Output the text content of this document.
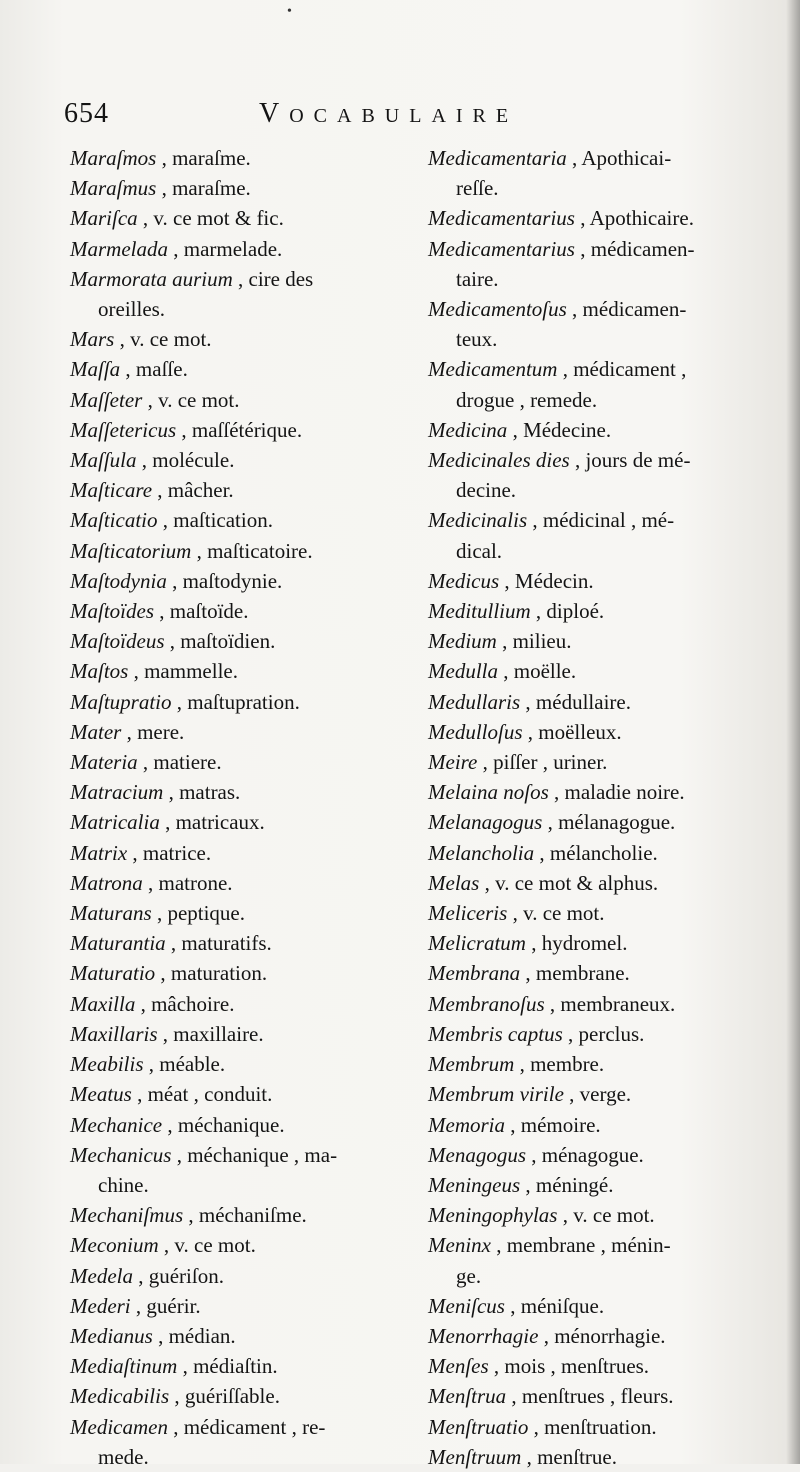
•
654	Vocabulaire
Maraſmos , maraſme.
Maraſmus , maraſme.
Mariſca , v. ce mot & fic.
Marmelada , marmelade.
Marmorata aurium , cire des
oreilles.
Mars , v. ce mot.
Maſſa , maſſe.
Maſſeter , v. ce mot.
Maſſetericus , maſſétérique.
Maſſula , molécule.
Maſticare , mâcher.
Maſticatio , maſtication.
Maſticatorium , maſticatoire.
Maſtodynia , maſtodynie.
Maſtoïdes , maſtoïde.
Maſtoïdeus , maſtoïdien.
Maſtos , mammelle.
Maſtupratio , maſtupration.
Mater , mere.
Materia , matiere.
Matracium , matras.
Matricalia , matricaux.
Matrix , matrice.
Matrona , matrone.
Maturans , peptique.
Maturantia , maturatifs.
Maturatio , maturation.
Maxilla , mâchoire.
Maxillaris , maxillaire.
Meabilis , méable.
Meatus , méat , conduit.
Mechanice , méchanique.
Mechanicus , méchanique , ma-
chine.
Mechaniſmus , méchaniſme.
Meconium , v. ce mot.
Medela , guériſon.
Mederi , guérir.
Medianus , médian.
Mediaſtinum , médiaſtin.
Medicabilis , guériſſable.
Medicamen , médicament , re-
mede.
Medicamentaria , Apothicai-
reſſe.
Medicamentarius , Apothicaire.
Medicamentarius , médicamen-
taire.
Medicamentoſus , médicamen-
teux.
Medicamentum , médicament ,
drogue , remede.
Medicina , Médecine.
Medicinales dies , jours de mé-
decine.
Medicinalis , médicinal , mé-
dical.
Medicus , Médecin.
Meditullium , diploé.
Medium , milieu.
Medulla , moëlle.
Medullaris , médullaire.
Medulloſus , moëlleux.
Meire , piſſer , uriner.
Melaina noſos , maladie noire.
Melanagogus , mélanagogue.
Melancholia , mélancholie.
Melas , v. ce mot & alphus.
Meliceris , v. ce mot.
Melicratum , hydromel.
Membrana , membrane.
Membranoſus , membraneux.
Membris captus , perclus.
Membrum , membre.
Membrum virile , verge.
Memoria , mémoire.
Menagogus , ménagogue.
Meningeus , méningé.
Meningophylas , v. ce mot.
Meninx , membrane , ménin-
ge.
Meniſcus , méniſque.
Menorrhagie , ménorrhagie.
Menſes , mois , menſtrues.
Menſtrua , menſtrues , fleurs.
Menſtruatio , menſtruation.
Menſtruum , menſtrue.
